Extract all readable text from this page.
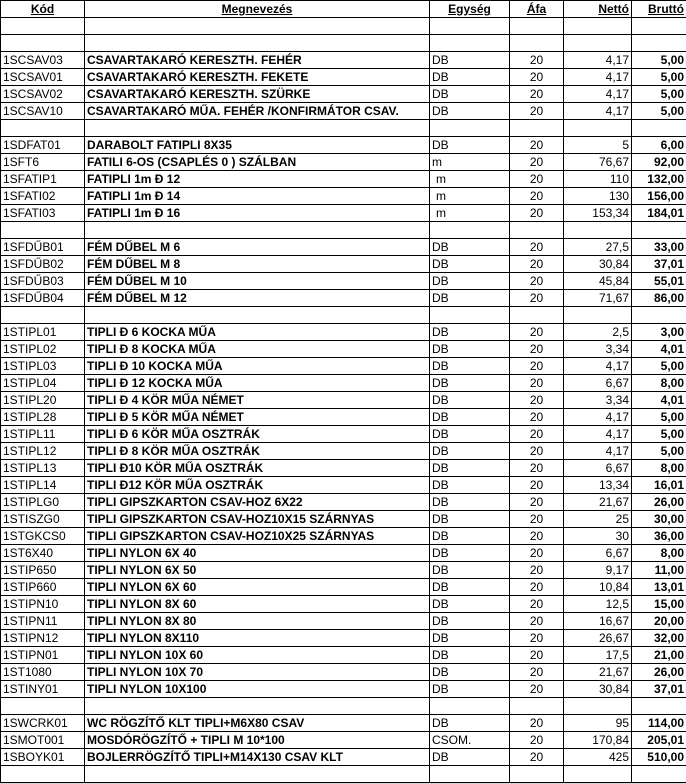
Kód	Megnevezés	Egység	Áfa	Nettó	Bruttó

1SCSAV03	CSAVARTAKARÓ KERESZTH. FEHÉR	DB	20	4,17	5,00
1SCSAV01	CSAVARTAKARÓ KERESZTH. FEKETE	DB	20	4,17	5,00
1SCSAV02	CSAVARTAKARÓ KERESZTH. SZÜRKE	DB	20	4,17	5,00
1SCSAV10	CSAVARTAKARÓ MŰA. FEHÉR /KONFIRMÁTOR CSAV.	DB	20	4,17	5,00

1SDFAT01	DARABOLT FATIPLI 8X35	DB	20	5	6,00
1SFT6	FATILI 6-OS (CSAPLÉS 0 ) SZÁLBAN	m	20	76,67	92,00
1SFATIP1	FATIPLI 1m Đ 12	m	20	110	132,00
1SFATI02	FATIPLI 1m Đ 14	m	20	130	156,00
1SFATI03	FATIPLI 1m Đ 16	m	20	153,34	184,01

1SFDŰB01	FÉM DŰBEL M 6	DB	20	27,5	33,00
1SFDŰB02	FÉM DŰBEL M 8	DB	20	30,84	37,01
1SFDŰB03	FÉM DŰBEL M 10	DB	20	45,84	55,01
1SFDŰB04	FÉM DŰBEL M 12	DB	20	71,67	86,00

1STIPL01	TIPLI Đ 6 KOCKA MŰA	DB	20	2,5	3,00
1STIPL02	TIPLI Đ 8 KOCKA MŰA	DB	20	3,34	4,01
1STIPL03	TIPLI Đ 10 KOCKA MŰA	DB	20	4,17	5,00
1STIPL04	TIPLI Đ 12 KOCKA MŰA	DB	20	6,67	8,00
1STIPL20	TIPLI Đ 4 KÖR MŰA NÉMET	DB	20	3,34	4,01
1STIPL28	TIPLI Đ 5 KÖR MŰA NÉMET	DB	20	4,17	5,00
1STIPL11	TIPLI Đ 6 KÖR MŰA OSZTRÁK	DB	20	4,17	5,00
1STIPL12	TIPLI Đ 8 KÖR MŰA OSZTRÁK	DB	20	4,17	5,00
1STIPL13	TIPLI Đ10 KÖR MŰA OSZTRÁK	DB	20	6,67	8,00
1STIPL14	TIPLI Đ12 KÖR MŰA OSZTRÁK	DB	20	13,34	16,01
1STIPLG0	TIPLI GIPSZKARTON CSAV-HOZ 6X22	DB	20	21,67	26,00
1STISZG0	TIPLI GIPSZKARTON CSAV-HOZ10X15 SZÁRNYAS	DB	20	25	30,00
1STGKCS0	TIPLI GIPSZKARTON CSAV-HOZ10X25 SZÁRNYAS	DB	20	30	36,00
1ST6X40	TIPLI NYLON 6X 40	DB	20	6,67	8,00
1STIP650	TIPLI NYLON 6X 50	DB	20	9,17	11,00
1STIP660	TIPLI NYLON 6X 60	DB	20	10,84	13,01
1STIPN10	TIPLI NYLON 8X 60	DB	20	12,5	15,00
1STIPN11	TIPLI NYLON 8X 80	DB	20	16,67	20,00
1STIPN12	TIPLI NYLON 8X110	DB	20	26,67	32,00
1STIPN01	TIPLI NYLON 10X 60	DB	20	17,5	21,00
1ST1080	TIPLI NYLON 10X 70	DB	20	21,67	26,00
1STINY01	TIPLI NYLON 10X100	DB	20	30,84	37,01

1SWCRK01	WC RÖGZÍTŐ KLT TIPLI+M6X80 CSAV	DB	20	95	114,00
1SMOT001	MOSDÓRÖGZÍTŐ + TIPLI M 10*100	CSOM.	20	170,84	205,01
1SBOYK01	BOJLERRÖGZÍTŐ TIPLI+M14X130 CSAV KLT	DB	20	425	510,00
